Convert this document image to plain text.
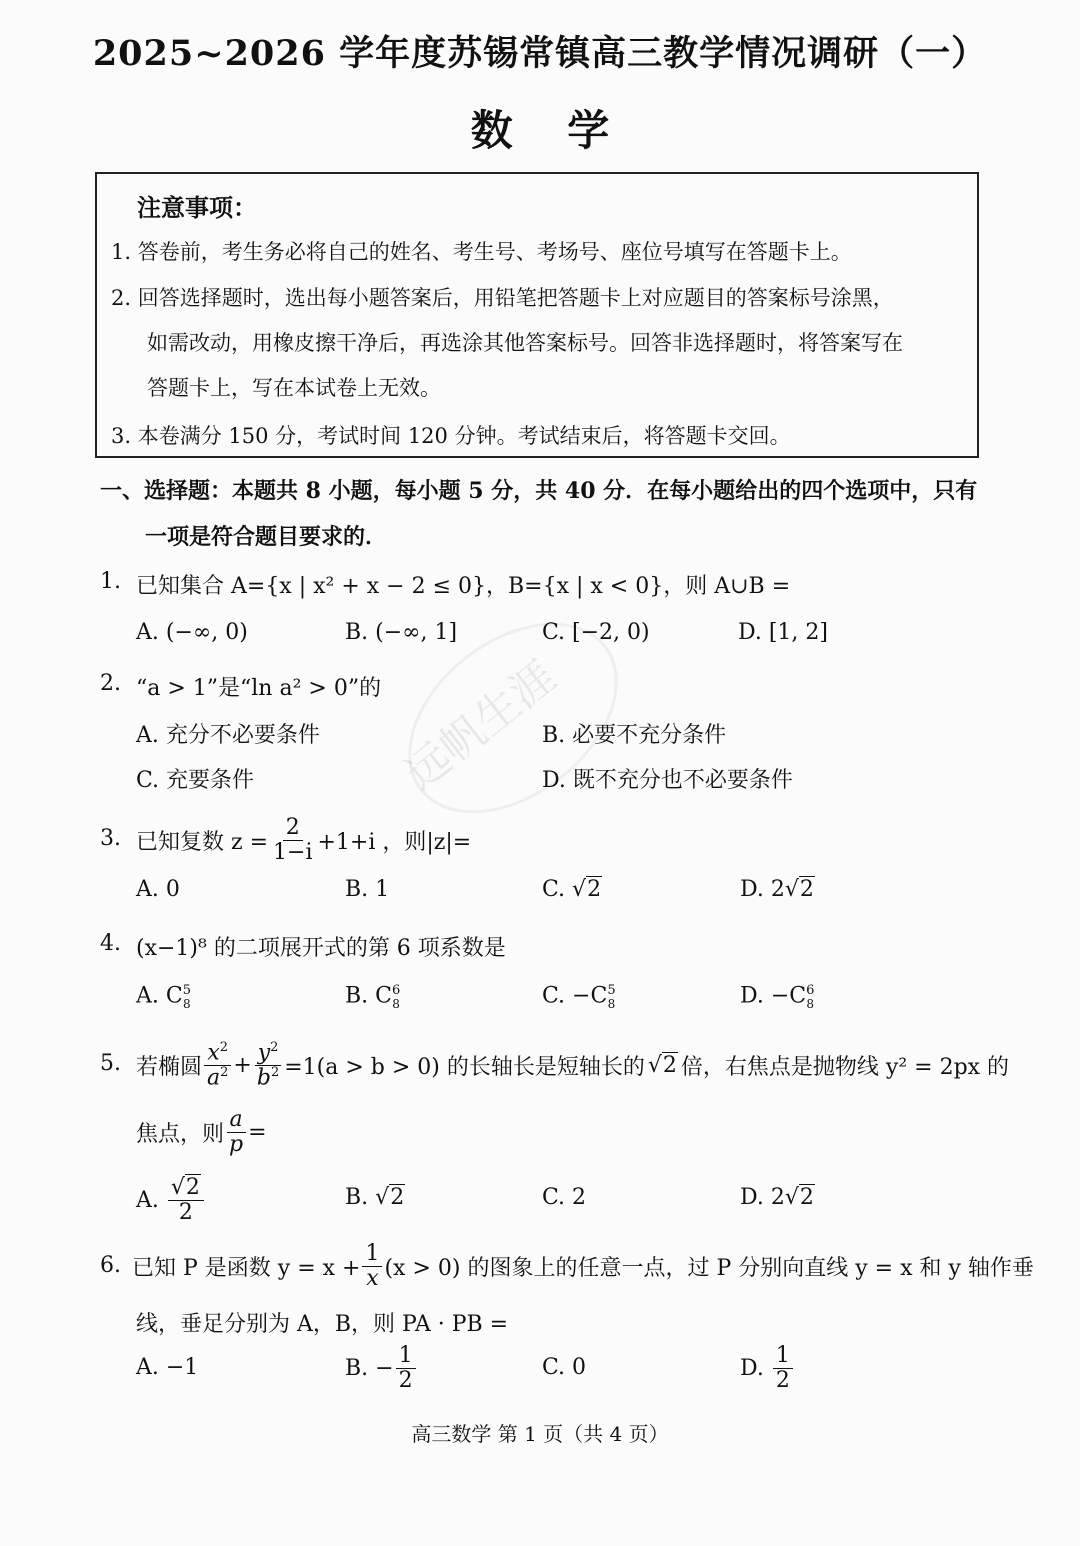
2025~2026 学年度苏锡常镇高三教学情况调研（一）
数 学
注意事项：
1. 答卷前，考生务必将自己的姓名、考生号、考场号、座位号填写在答题卡上。
2. 回答选择题时，选出每小题答案后，用铅笔把答题卡上对应题目的答案标号涂黑，
如需改动，用橡皮擦干净后，再选涂其他答案标号。回答非选择题时，将答案写在
答题卡上，写在本试卷上无效。
3. 本卷满分 150 分，考试时间 120 分钟。考试结束后，将答题卡交回。
一、选择题：本题共 8 小题，每小题 5 分，共 40 分．在每小题给出的四个选项中，只有
一项是符合题目要求的．
1. 已知集合 A={x | x² + x − 2 ≤ 0}，B={x | x < 0}，则 A∪B =
A. (−∞, 0)	B. (−∞, 1]	C. [−2, 0)	D. [1, 2]
2. “a > 1”是“ln a² > 0”的
A. 充分不必要条件	B. 必要不充分条件
C. 充要条件	D. 既不充分也不必要条件
远帆生涯
3. 已知复数 $z = \frac{2}{1-i} +1+i$ ，则|z|=
A. 0	B. 1	C. √2	D. 2√2
4. (x−1)⁸ 的二项展开式的第 6 项系数是
A. $C^5_8$	B. $C^6_8$	C. $-C^5_8$	D. $-C^6_8$
5. 若椭圆 $\frac{x^2}{a^2} + \frac{y^2}{b^2} =1(a > b > 0)$ 的长轴长是短轴长的 √2 倍，右焦点是抛物线 y² = 2px 的
焦点，则 $\frac{a}{p}$ =
A.
$\frac{√2}{2}$	B. √2	C. 2	D. 2√2
6. 已知 P 是函数 $y = x + \frac{1}{x} (x > 0)$ 的图象上的任意一点，过 P 分别向直线 y = x 和 y 轴作垂
线，垂足分别为 A，B，则 PA · PB =
A. −1	B. − $\frac{1}{2}$	C. 0	D.
$\frac{1}{2}$
高三数学 第 1 页（共 4 页）
